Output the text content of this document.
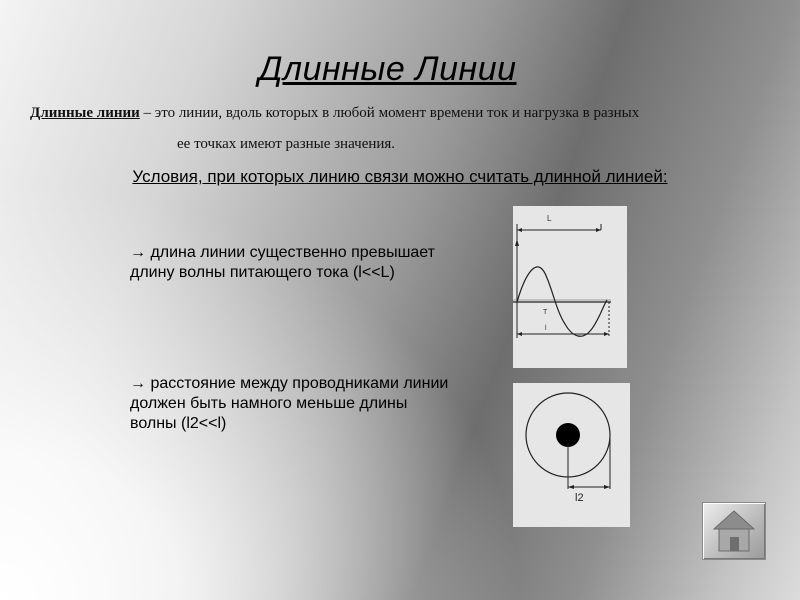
Длинные Линии
Длинные линии – это линии, вдоль которых в любой момент времени ток и нагрузка в разных
ее точках имеют разные значения.
Условия, при которых линию связи можно считать длинной линией:
→ длина линии существенно превышает
длину волны питающего тока (l<<L)
→ расстояние между проводниками линии
должен быть намного меньше длины
волны (l2<<l)
L
T
l
l2
